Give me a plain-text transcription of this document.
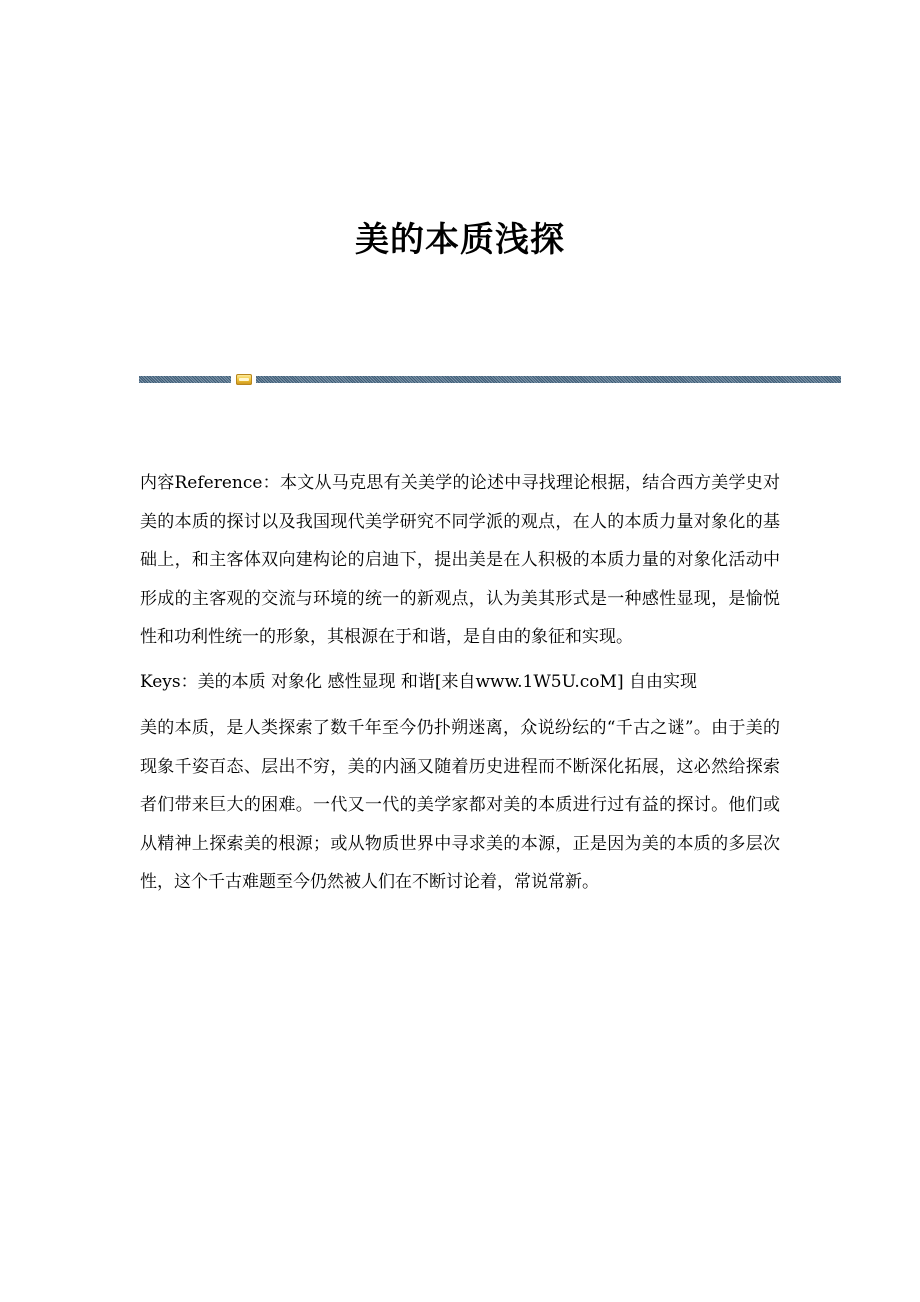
美的本质浅探

内容Reference：本文从马克思有关美学的论述中寻找理论根据，结合西方美学史对美的本质的探讨以及我国现代美学研究不同学派的观点，在人的本质力量对象化的基础上，和主客体双向建构论的启迪下，提出美是在人积极的本质力量的对象化活动中形成的主客观的交流与环境的统一的新观点，认为美其形式是一种感性显现，是愉悦性和功利性统一的形象，其根源在于和谐，是自由的象征和实现。

Keys：美的本质 对象化 感性显现 和谐[来自www.1W5U.coM] 自由实现

美的本质，是人类探索了数千年至今仍扑朔迷离，众说纷纭的“千古之谜”。由于美的现象千姿百态、层出不穷，美的内涵又随着历史进程而不断深化拓展，这必然给探索者们带来巨大的困难。一代又一代的美学家都对美的本质进行过有益的探讨。他们或从精神上探索美的根源；或从物质世界中寻求美的本源，正是因为美的本质的多层次性，这个千古难题至今仍然被人们在不断讨论着，常说常新。
